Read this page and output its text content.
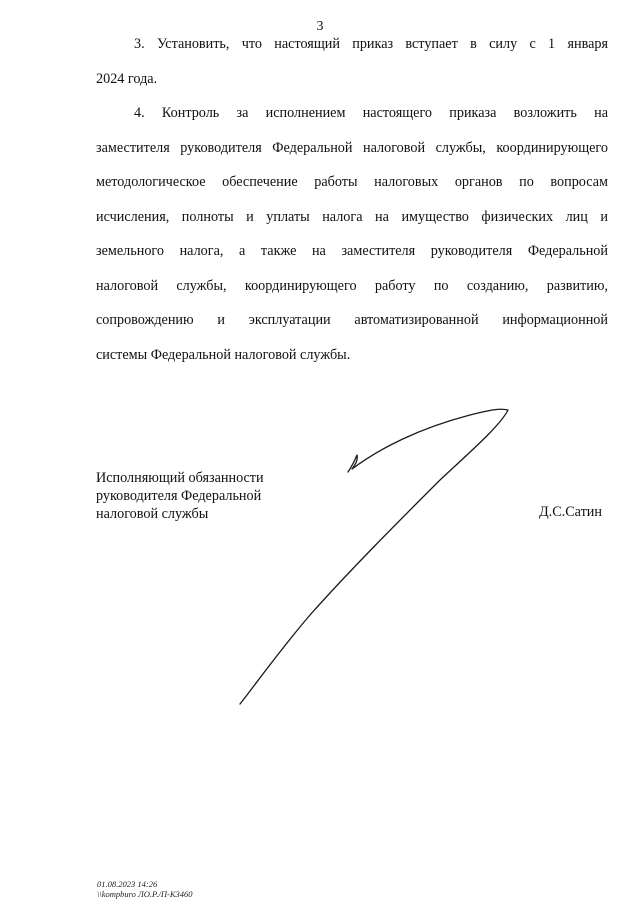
3
3. Установить, что настоящий приказ вступает в силу с 1 января
2024 года.
4. Контроль за исполнением настоящего приказа возложить на
заместителя руководителя Федеральной налоговой службы, координирующего
методологическое обеспечение работы налоговых органов по вопросам
исчисления, полноты и уплаты налога на имущество физических лиц и
земельного налога, а также на заместителя руководителя Федеральной
налоговой службы, координирующего работу по созданию, развитию,
сопровождению и эксплуатации автоматизированной информационной
системы Федеральной налоговой службы.
Исполняющий обязанности
руководителя Федеральной
налоговой службы	Д.С.Сатин
01.08.2023 14:26
\\kompburo ЛО.Р./П-К3460
